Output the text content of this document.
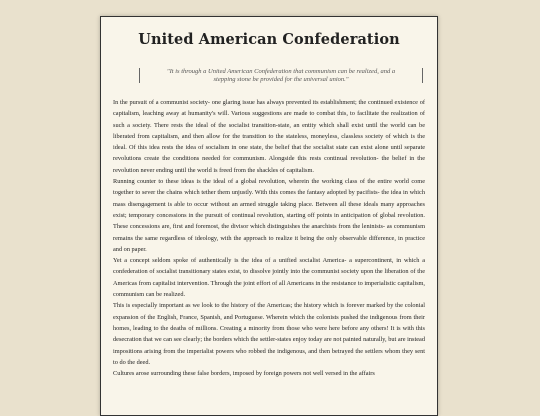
United American Confederation
"It is through a United American Confederation that communism can be realized, and a stepping stone be provided for the universal union."

In the pursuit of a communist society- one glaring issue has always prevented its establishment; the continued existence of capitalism, leaching away at humanity's will. Various suggestions are made to combat this, to facilitate the realization of such a society. There rests the ideal of the socialist transition-state, an entity which shall exist until the world can be liberated from capitalism, and then allow for the transition to the stateless, moneyless, classless society of which is the ideal. Of this idea rests the idea of socialism in one state, the belief that the socialist state can exist alone until separate revolutions create the conditions needed for communism. Alongside this rests continual revolution- the belief in the revolution never ending until the world is freed from the shackles of capitalism.

Running counter to these ideas is the ideal of a global revolution, wherein the working class of the entire world come together to sever the chains which tether them unjustly. With this comes the fantasy adopted by pacifists- the idea in which mass disengagement is able to occur without an armed struggle taking place. Between all these ideals many approaches exist; temporary concessions in the pursuit of continual revolution, starting off points in anticipation of global revolution. These concessions are, first and foremost, the divisor which distinguishes the anarchists from the leninists- as communism remains the same regardless of ideology, with the approach to realize it being the only observable difference, in practice and on paper.

Yet a concept seldom spoke of authentically is the idea of a unified socialist America- a supercontinent, in which a confederation of socialist transitionary states exist, to dissolve jointly into the communist society upon the liberation of the Americas from capitalist intervention. Through the joint effort of all Americans in the resistance to imperialistic capitalism, communism can be realized.

This is especially important as we look to the history of the Americas; the history which is forever marked by the colonial expansion of the English, France, Spanish, and Portuguese. Wherein which the colonists pushed the indigenous from their homes, leading to the deaths of millions. Creating a minority from those who were here before any others! It is with this desecration that we can see clearly; the borders which the settler-states enjoy today are not painted naturally, but are instead impositions arising from the imperialist powers who robbed the indigenous, and then betrayed the settlers whom they sent to do the deed.

Cultures arose surrounding these false borders, imposed by foreign powers not well versed in the affairs
